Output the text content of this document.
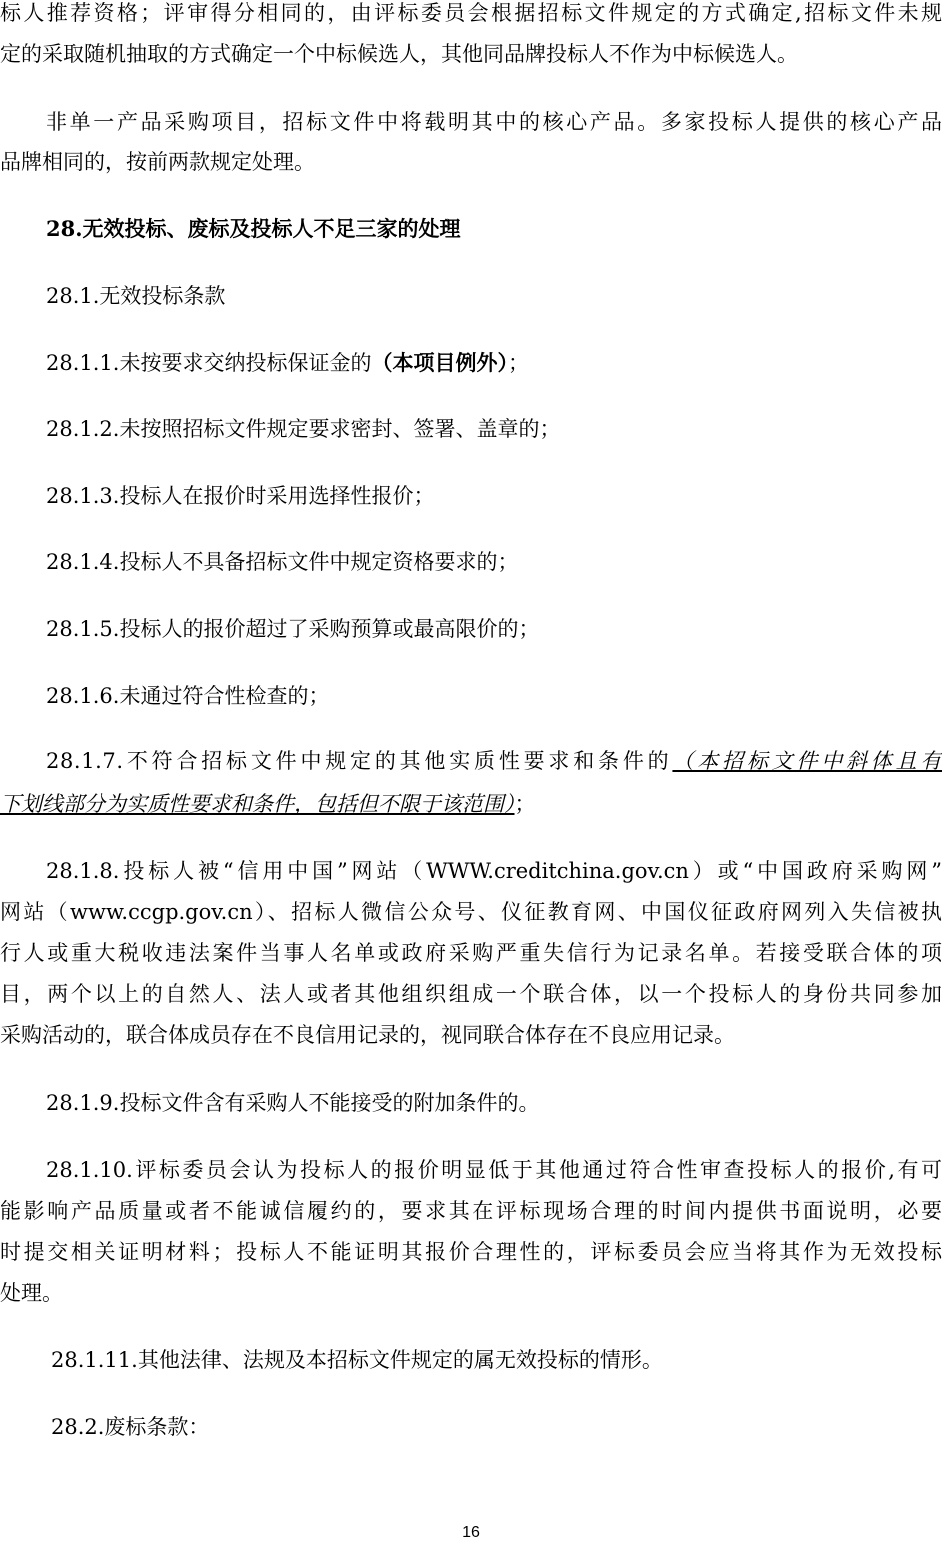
标人推荐资格；评审得分相同的，由评标委员会根据招标文件规定的方式确定,招标文件未规
定的采取随机抽取的方式确定一个中标候选人，其他同品牌投标人不作为中标候选人。
非单一产品采购项目，招标文件中将载明其中的核心产品。多家投标人提供的核心产品
品牌相同的，按前两款规定处理。
28.无效投标、废标及投标人不足三家的处理
28.1.无效投标条款
28.1.1.未按要求交纳投标保证金的（本项目例外）；
28.1.2.未按照招标文件规定要求密封、签署、盖章的；
28.1.3.投标人在报价时采用选择性报价；
28.1.4.投标人不具备招标文件中规定资格要求的；
28.1.5.投标人的报价超过了采购预算或最高限价的；
28.1.6.未通过符合性检查的；
28.1.7.不符合招标文件中规定的其他实质性要求和条件的（本招标文件中斜体且有
下划线部分为实质性要求和条件，包括但不限于该范围）；
28.1.8.投标人被“信用中国”网站（WWW.creditchina.gov.cn）或“中国政府采购网”
网站（www.ccgp.gov.cn）、招标人微信公众号、仪征教育网、中国仪征政府网列入失信被执
行人或重大税收违法案件当事人名单或政府采购严重失信行为记录名单。若接受联合体的项
目，两个以上的自然人、法人或者其他组织组成一个联合体，以一个投标人的身份共同参加
采购活动的，联合体成员存在不良信用记录的，视同联合体存在不良应用记录。
28.1.9.投标文件含有采购人不能接受的附加条件的。
28.1.10.评标委员会认为投标人的报价明显低于其他通过符合性审查投标人的报价,有可
能影响产品质量或者不能诚信履约的，要求其在评标现场合理的时间内提供书面说明，必要
时提交相关证明材料；投标人不能证明其报价合理性的，评标委员会应当将其作为无效投标
处理。
28.1.11.其他法律、法规及本招标文件规定的属无效投标的情形。
28.2.废标条款：
16
